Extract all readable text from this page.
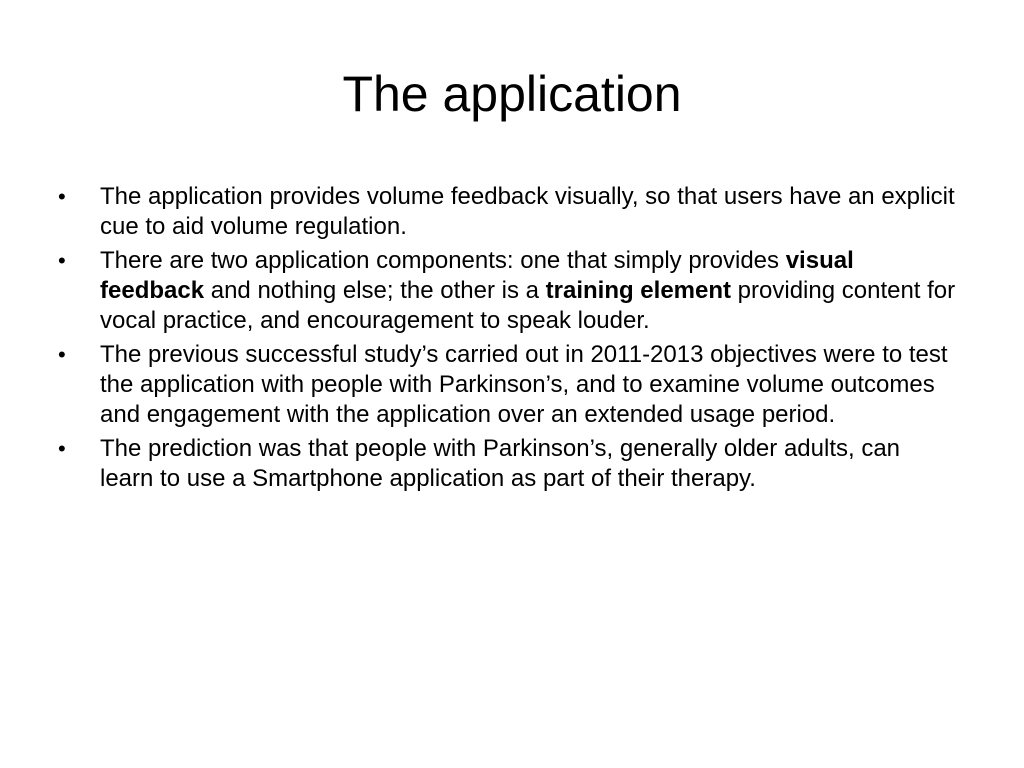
The application
•	The application provides volume feedback visually, so that users have an explicit cue to aid volume regulation.
•	There are two application components: one that simply provides visual feedback and nothing else; the other is a training element providing content for vocal practice, and encouragement to speak louder.
•	The previous successful study’s carried out in 2011-2013 objectives were to test the application with people with Parkinson’s, and to examine volume outcomes and engagement with the application over an extended usage period.
•	The prediction was that people with Parkinson’s, generally older adults, can learn to use a Smartphone application as part of their therapy.
